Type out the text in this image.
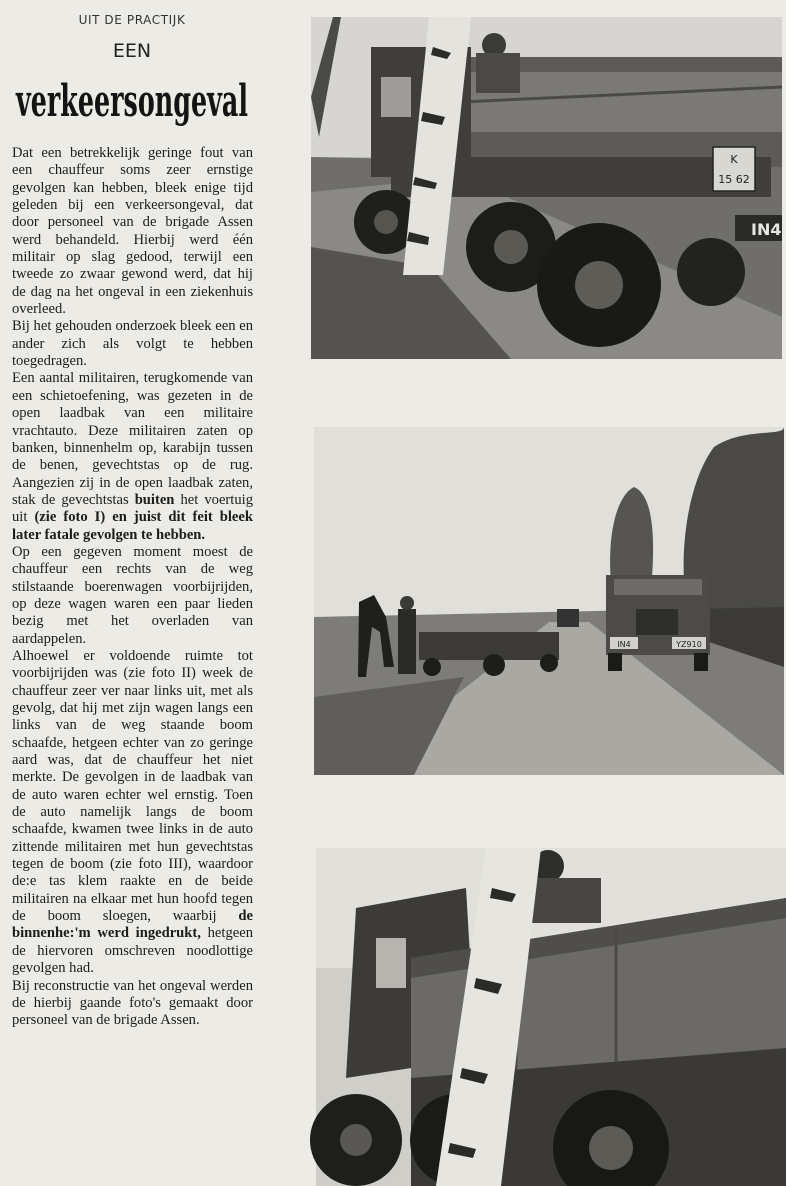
UIT DE PRACTIJK
EEN
verkeersongeval

Dat een betrekkelijk geringe fout van een chauffeur soms zeer ernstige gevolgen kan hebben, bleek enige tijd geleden bij een verkeersongeval, dat door personeel van de brigade Assen werd behandeld. Hierbij werd één militair op slag gedood, terwijl een tweede zo zwaar gewond werd, dat hij de dag na het ongeval in een ziekenhuis overleed.

Bij het gehouden onderzoek bleek een en ander zich als volgt te hebben toegedragen.

Een aantal militairen, terugkomende van een schietoefening, was gezeten in de open laadbak van een militaire vrachtauto. Deze militairen zaten op banken, binnenhelm op, karabijn tussen de benen, gevechtstas op de rug. Aangezien zij in de open laadbak zaten, stak de gevechtstas buiten het voertuig uit (zie foto I) en juist dit feit bleek later fatale gevolgen te hebben.

Op een gegeven moment moest de chauffeur een rechts van de weg stilstaande boerenwagen voorbijrijden, op deze wagen waren een paar lieden bezig met het overladen van aardappelen.

Alhoewel er voldoende ruimte tot voorbijrijden was (zie foto II) week de chauffeur zeer ver naar links uit, met als gevolg, dat hij met zijn wagen langs een links van de weg staande boom schaafde, hetgeen echter van zo geringe aard was, dat de chauffeur het niet merkte. De gevolgen in de laadbak van de auto waren echter wel ernstig. Toen de auto namelijk langs de boom schaafde, kwamen twee links in de auto zittende militairen met hun gevechtstas tegen de boom (zie foto III), waardoor de:e tas klem raakte en de beide militairen na elkaar met hun hoofd tegen de boom sloegen, waarbij de binnenhe:'m werd ingedrukt, hetgeen de hiervoren omschreven noodlottige gevolgen had.

Bij reconstructie van het ongeval werden de hierbij gaande foto's gemaakt door personeel van de brigade Assen.

K
15 62
IN4
IN4	YZ910
